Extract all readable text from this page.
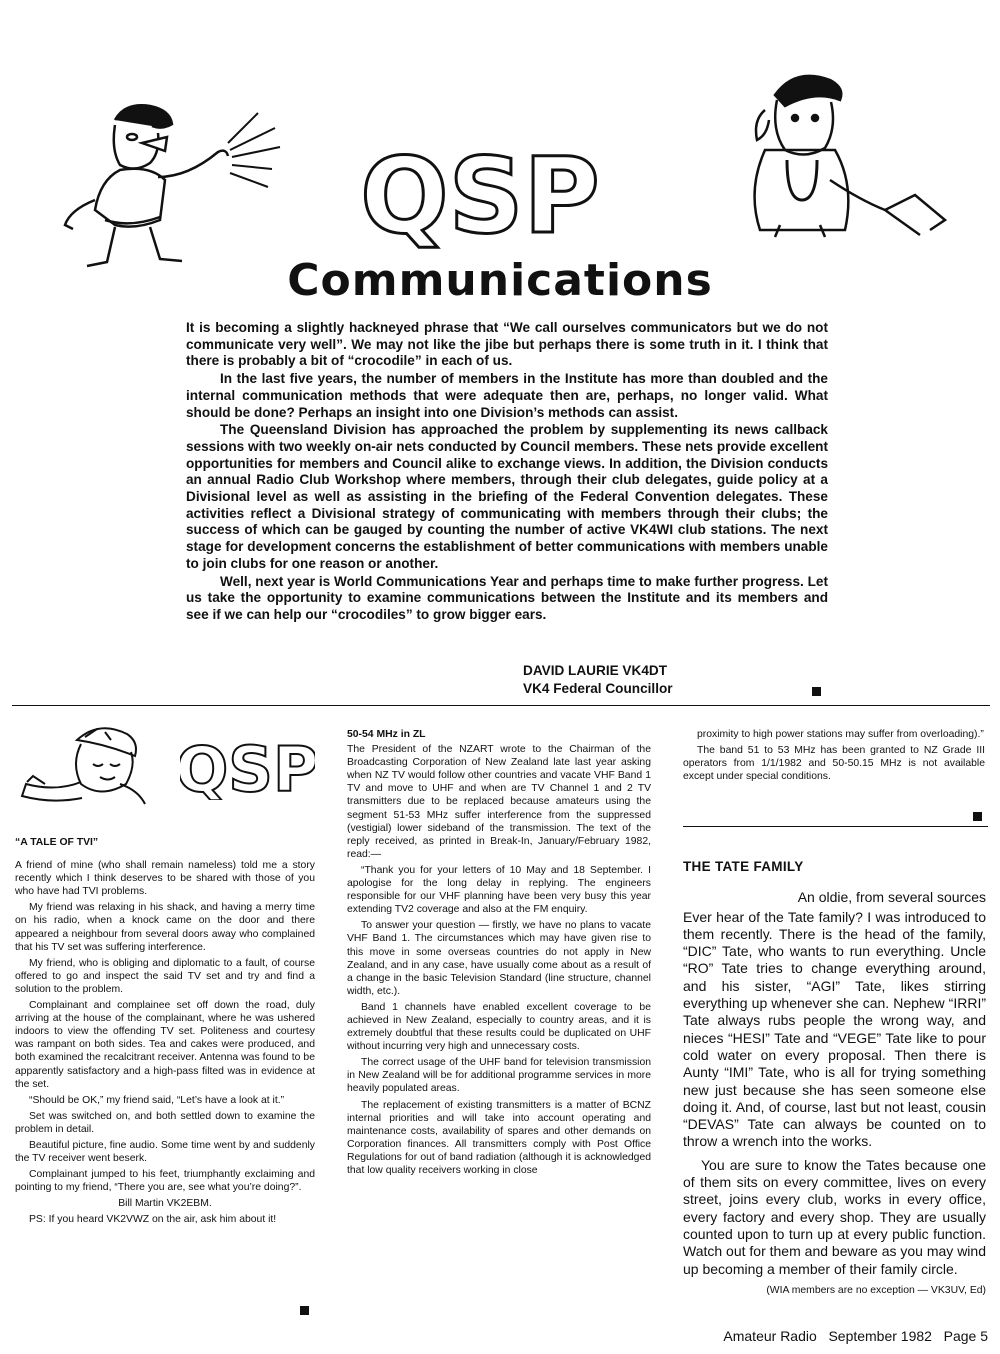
QSP
Communications

It is becoming a slightly hackneyed phrase that “We call ourselves communicators but we do not communicate very well”. We may not like the jibe but perhaps there is some truth in it. I think that there is probably a bit of “crocodile” in each of us.

In the last five years, the number of members in the Institute has more than doubled and the internal communication methods that were adequate then are, perhaps, no longer valid. What should be done? Perhaps an insight into one Division’s methods can assist.

The Queensland Division has approached the problem by supplementing its news callback sessions with two weekly on-air nets conducted by Council members. These nets provide excellent opportunities for members and Council alike to exchange views. In addition, the Division conducts an annual Radio Club Workshop where members, through their club delegates, guide policy at a Divisional level as well as assisting in the briefing of the Federal Convention delegates. These activities reflect a Divisional strategy of communicating with members through their clubs; the success of which can be gauged by counting the number of active VK4WI club stations. The next stage for development concerns the establishment of better communications with members unable to join clubs for one reason or another.

Well, next year is World Communications Year and perhaps time to make further progress. Let us take the opportunity to examine communications between the Institute and its members and see if we can help our “crocodiles” to grow bigger ears.

DAVID LAURIE VK4DT
VK4 Federal Councillor
QSP
“A TALE OF TVI”

A friend of mine (who shall remain nameless) told me a story recently which I think deserves to be shared with those of you who have had TVI problems.

My friend was relaxing in his shack, and having a merry time on his radio, when a knock came on the door and there appeared a neighbour from several doors away who complained that his TV set was suffering interference.

My friend, who is obliging and diplomatic to a fault, of course offered to go and inspect the said TV set and try and find a solution to the problem.

Complainant and complainee set off down the road, duly arriving at the house of the complainant, where he was ushered indoors to view the offending TV set. Politeness and courtesy was rampant on both sides. Tea and cakes were produced, and both examined the recalcitrant receiver. Antenna was found to be apparently satisfactory and a high-pass filted was in evidence at the set.

“Should be OK,” my friend said, “Let’s have a look at it.”

Set was switched on, and both settled down to examine the problem in detail.

Beautiful picture, fine audio. Some time went by and suddenly the TV receiver went beserk.

Complainant jumped to his feet, triumphantly exclaiming and pointing to my friend, “There you are, see what you’re doing?”.

Bill Martin VK2EBM.

PS: If you heard VK2VWZ on the air, ask him about it!

50-54 MHz in ZL

The President of the NZART wrote to the Chairman of the Broadcasting Corporation of New Zealand late last year asking when NZ TV would follow other countries and vacate VHF Band 1 TV and move to UHF and when are TV Channel 1 and 2 TV transmitters due to be replaced because amateurs using the segment 51-53 MHz suffer interference from the suppressed (vestigial) lower sideband of the transmission. The text of the reply received, as printed in Break-In, January/February 1982, read:—

“Thank you for your letters of 10 May and 18 September. I apologise for the long delay in replying. The engineers responsible for our VHF planning have been very busy this year extending TV2 coverage and also at the FM enquiry.

To answer your question — firstly, we have no plans to vacate VHF Band 1. The circumstances which may have given rise to this move in some overseas countries do not apply in New Zealand, and in any case, have usually come about as a result of a change in the basic Television Standard (line structure, channel width, etc.).

Band 1 channels have enabled excellent coverage to be achieved in New Zealand, especially to country areas, and it is extremely doubtful that these results could be duplicated on UHF without incurring very high and unnecessary costs.

The correct usage of the UHF band for television transmission in New Zealand will be for additional programme services in more heavily populated areas.

The replacement of existing transmitters is a matter of BCNZ internal priorities and will take into account operating and maintenance costs, availability of spares and other demands on Corporation finances. All transmitters comply with Post Office Regulations for out of band radiation (although it is acknowledged that low quality receivers working in close

proximity to high power stations may suffer from overloading).”

The band 51 to 53 MHz has been granted to NZ Grade III operators from 1/1/1982 and 50-50.15 MHz is not available except under special conditions.

THE TATE FAMILY

An oldie, from several sources

Ever hear of the Tate family? I was introduced to them recently. There is the head of the family, “DIC” Tate, who wants to run everything. Uncle “RO” Tate tries to change everything around, and his sister, “AGI” Tate, likes stirring everything up whenever she can. Nephew “IRRI” Tate always rubs people the wrong way, and nieces “HESI” Tate and “VEGE” Tate like to pour cold water on every proposal. Then there is Aunty “IMI” Tate, who is all for trying something new just because she has seen someone else doing it. And, of course, last but not least, cousin “DEVAS” Tate can always be counted on to throw a wrench into the works.

You are sure to know the Tates because one of them sits on every committee, lives on every street, joins every club, works in every office, every factory and every shop. They are usually counted upon to turn up at every public function. Watch out for them and beware as you may wind up becoming a member of their family circle.

(WIA members are no exception — VK3UV, Ed)

Amateur Radio   September 1982   Page 5
